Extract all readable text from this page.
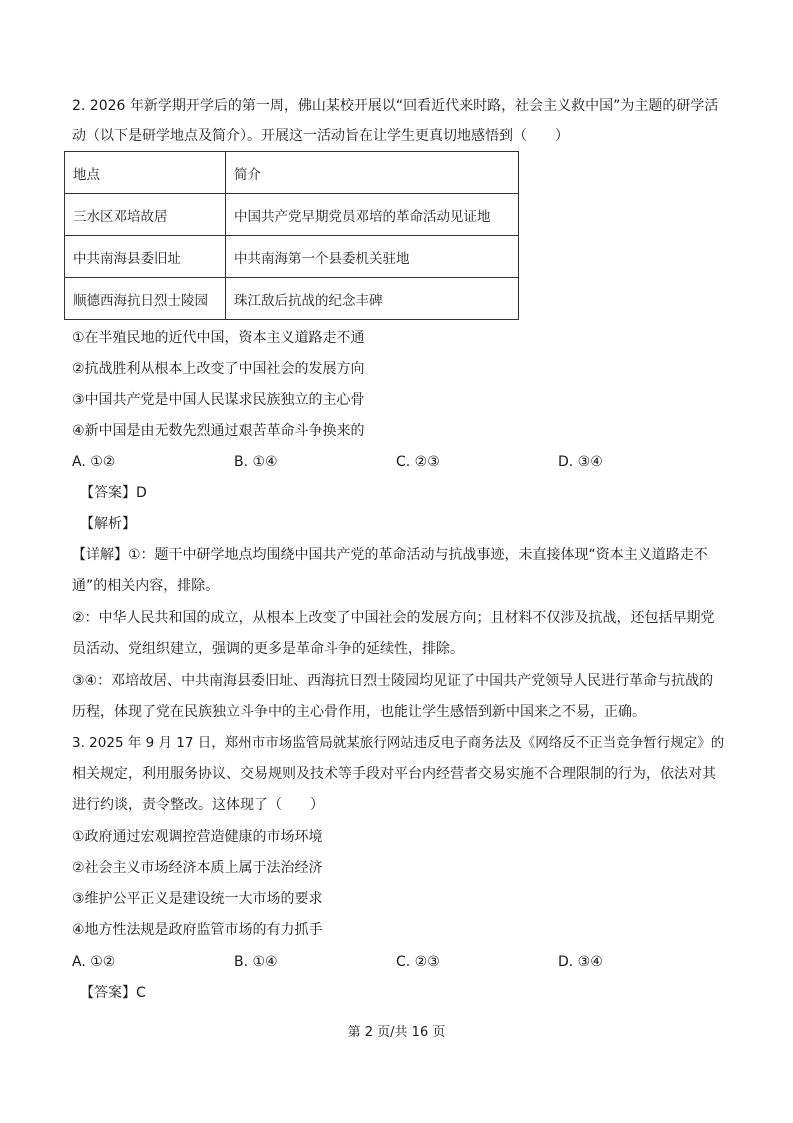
2. 2026 年新学期开学后的第一周，佛山某校开展以“回看近代来时路，社会主义救中国”为主题的研学活
动（以下是研学地点及简介）。开展这一活动旨在让学生更真切地感悟到（　　）
地点	简介
三水区邓培故居	中国共产党早期党员邓培的革命活动见证地
中共南海县委旧址	中共南海第一个县委机关驻地
顺德西海抗日烈士陵园	珠江敌后抗战的纪念丰碑
①在半殖民地的近代中国，资本主义道路走不通
②抗战胜利从根本上改变了中国社会的发展方向
③中国共产党是中国人民谋求民族独立的主心骨
④新中国是由无数先烈通过艰苦革命斗争换来的
A. ①②	B. ①④	C. ②③	D. ③④
【答案】D
【解析】
【详解】①：题干中研学地点均围绕中国共产党的革命活动与抗战事迹，未直接体现“资本主义道路走不
通”的相关内容，排除。
②：中华人民共和国的成立，从根本上改变了中国社会的发展方向；且材料不仅涉及抗战，还包括早期党
员活动、党组织建立，强调的更多是革命斗争的延续性，排除。
③④：邓培故居、中共南海县委旧址、西海抗日烈士陵园均见证了中国共产党领导人民进行革命与抗战的
历程，体现了党在民族独立斗争中的主心骨作用，也能让学生感悟到新中国来之不易，正确。
3. 2025 年 9 月 17 日，郑州市市场监管局就某旅行网站违反电子商务法及《网络反不正当竞争暂行规定》的
相关规定，利用服务协议、交易规则及技术等手段对平台内经营者交易实施不合理限制的行为，依法对其
进行约谈，责令整改。这体现了（　　）
①政府通过宏观调控营造健康的市场环境
②社会主义市场经济本质上属于法治经济
③维护公平正义是建设统一大市场的要求
④地方性法规是政府监管市场的有力抓手
A. ①②	B. ①④	C. ②③	D. ③④
【答案】C
第 2 页/共 16 页
